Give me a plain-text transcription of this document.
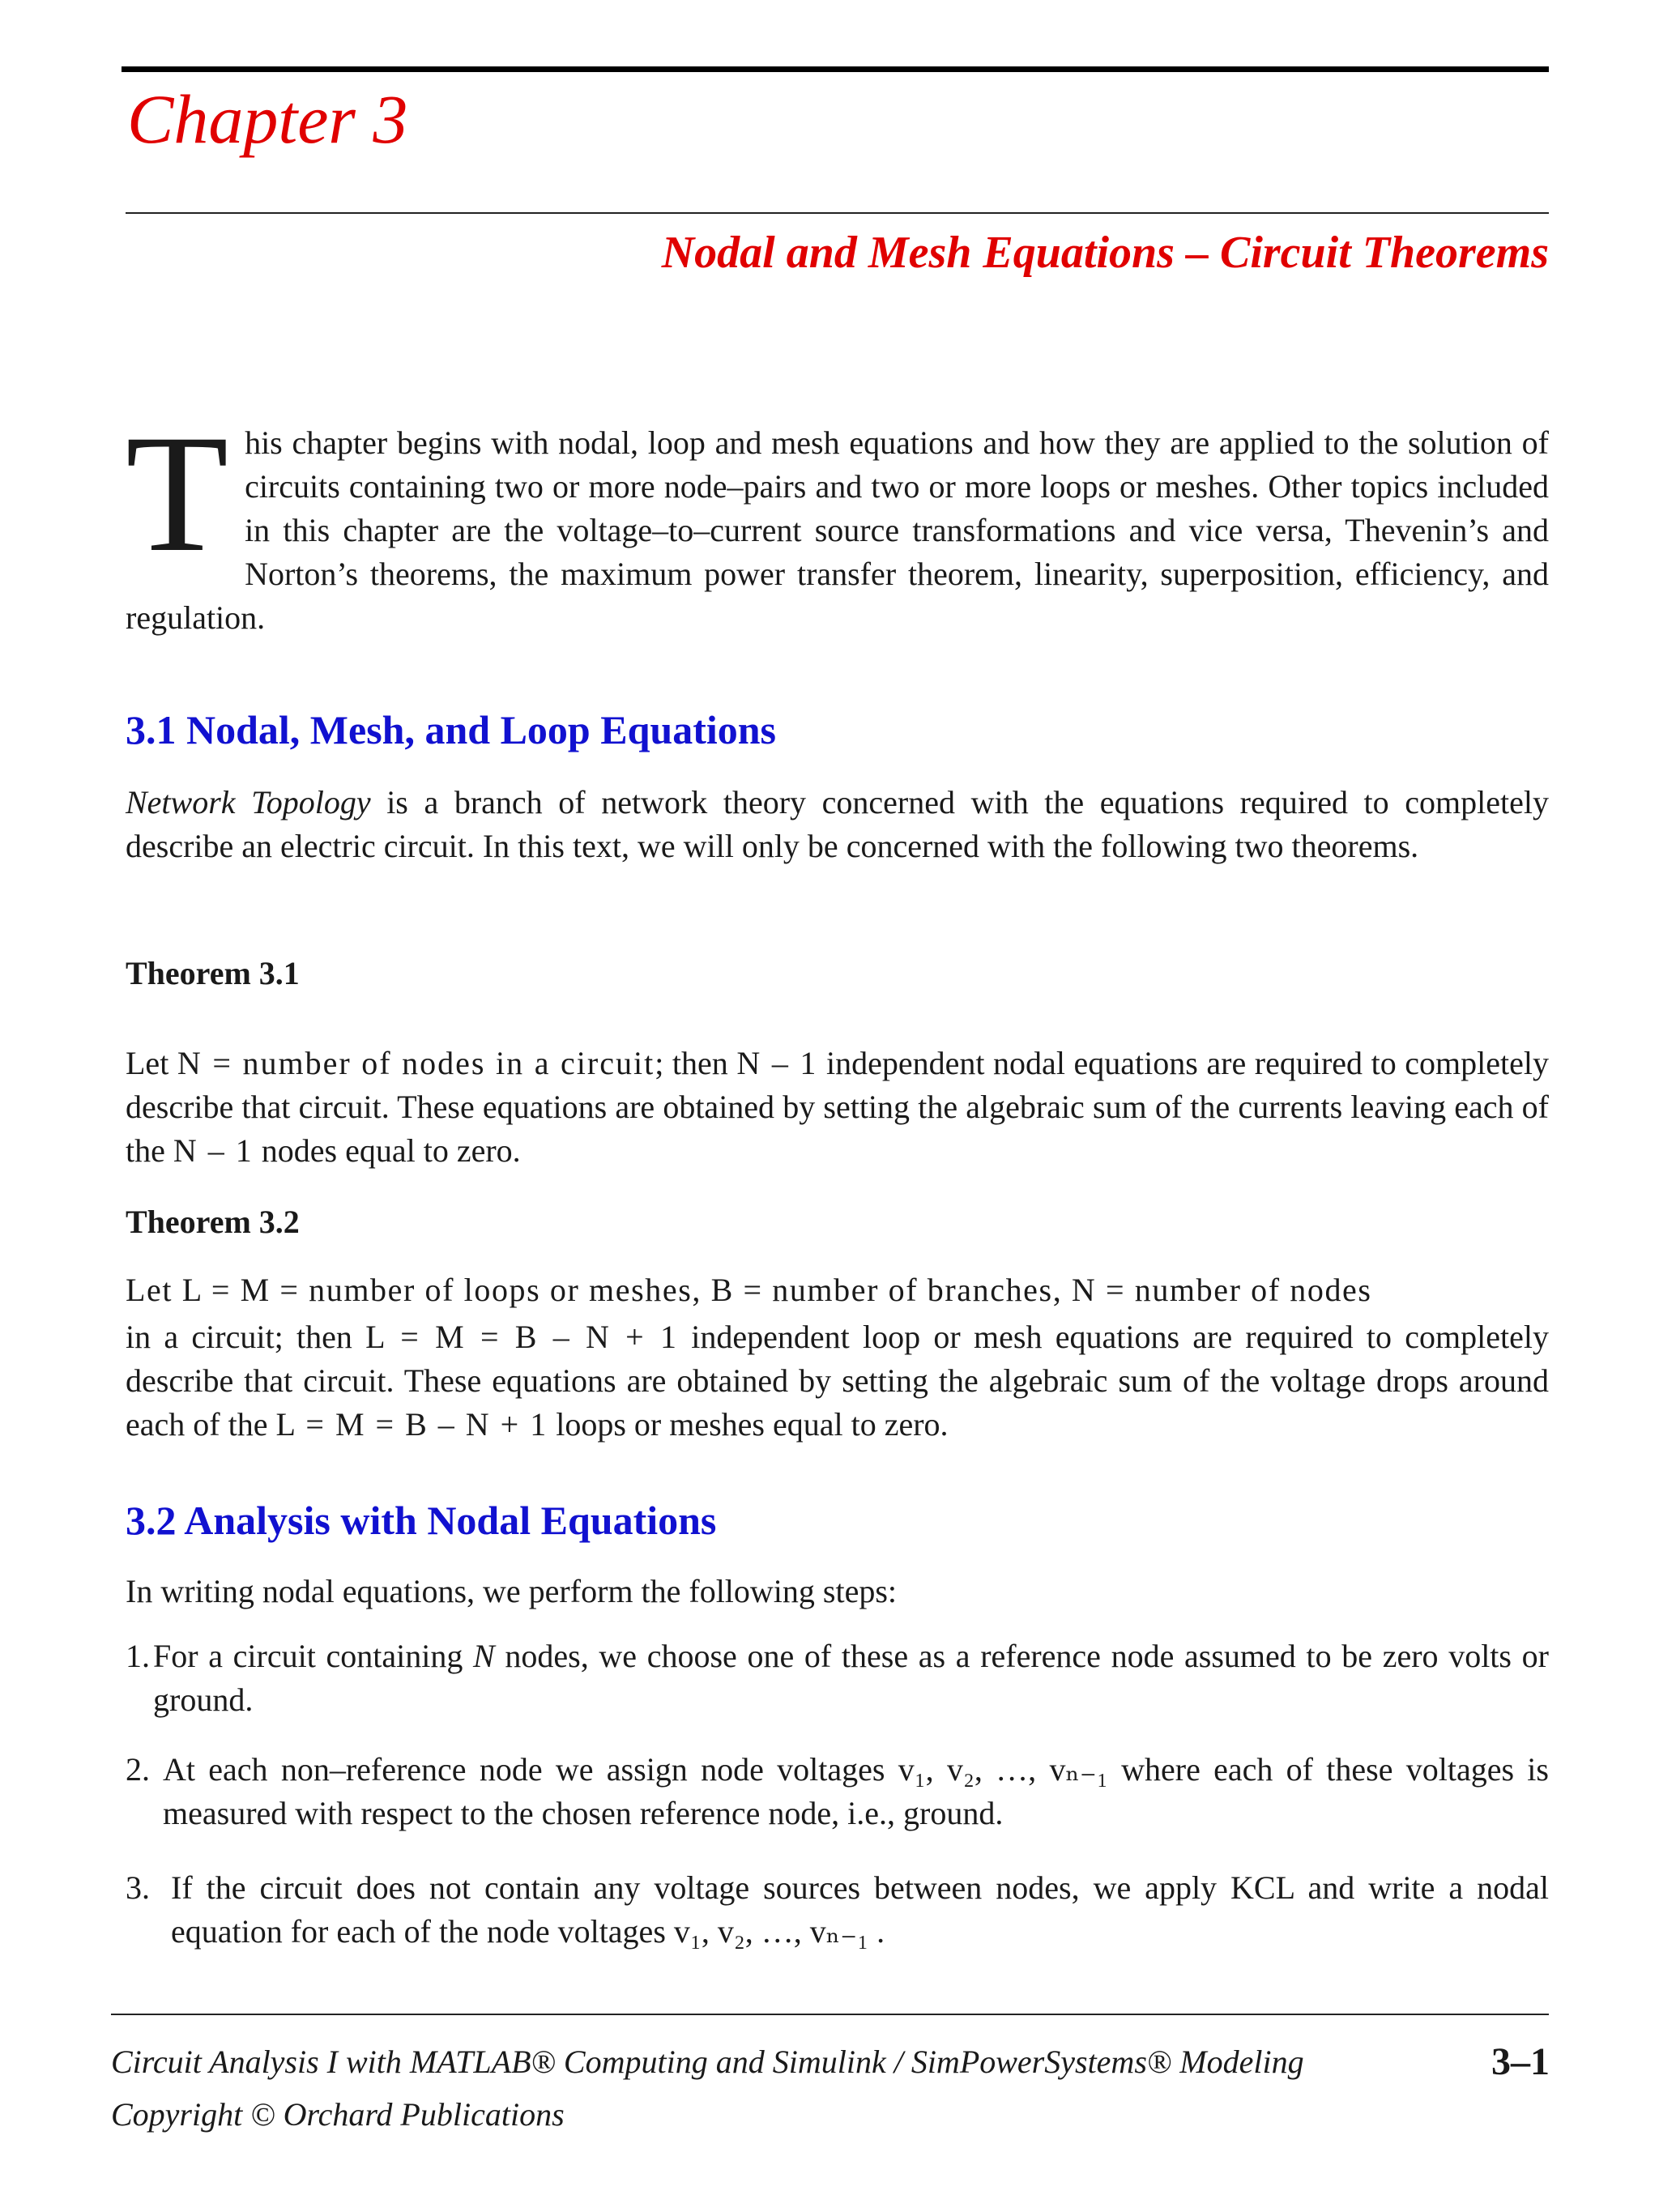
Chapter 3
Nodal and Mesh Equations – Circuit Theorems
This chapter begins with nodal, loop and mesh equations and how they are applied to the solution of circuits containing two or more node–pairs and two or more loops or meshes. Other topics included in this chapter are the voltage–to–current source transformations and vice versa, Thevenin’s and Norton’s theorems, the maximum power transfer theorem, linearity, superposition, efficiency, and regulation.
3.1 Nodal, Mesh, and Loop Equations
Network Topology is a branch of network theory concerned with the equations required to completely describe an electric circuit. In this text, we will only be concerned with the following two theorems.
Theorem 3.1
Let N = number of nodes in a circuit; then N – 1 independent nodal equations are required to completely describe that circuit. These equations are obtained by setting the algebraic sum of the currents leaving each of the N – 1 nodes equal to zero.
Theorem 3.2
Let L = M = number of loops or meshes, B = number of branches, N = number of nodes
in a circuit; then L = M = B – N + 1 independent loop or mesh equations are required to completely describe that circuit. These equations are obtained by setting the algebraic sum of the voltage drops around each of the L = M = B – N + 1 loops or meshes equal to zero.
3.2 Analysis with Nodal Equations
In writing nodal equations, we perform the following steps:
1. For a circuit containing N nodes, we choose one of these as a reference node assumed to be zero volts or ground.
2. At each non–reference node we assign node voltages v₁, v₂, …, vₙ₋₁ where each of these voltages is measured with respect to the chosen reference node, i.e., ground.
3. If the circuit does not contain any voltage sources between nodes, we apply KCL and write a nodal equation for each of the node voltages v₁, v₂, …, vₙ₋₁ .
Circuit Analysis I with MATLAB® Computing and Simulink / SimPowerSystems® Modeling
Copyright © Orchard Publications
3–1
